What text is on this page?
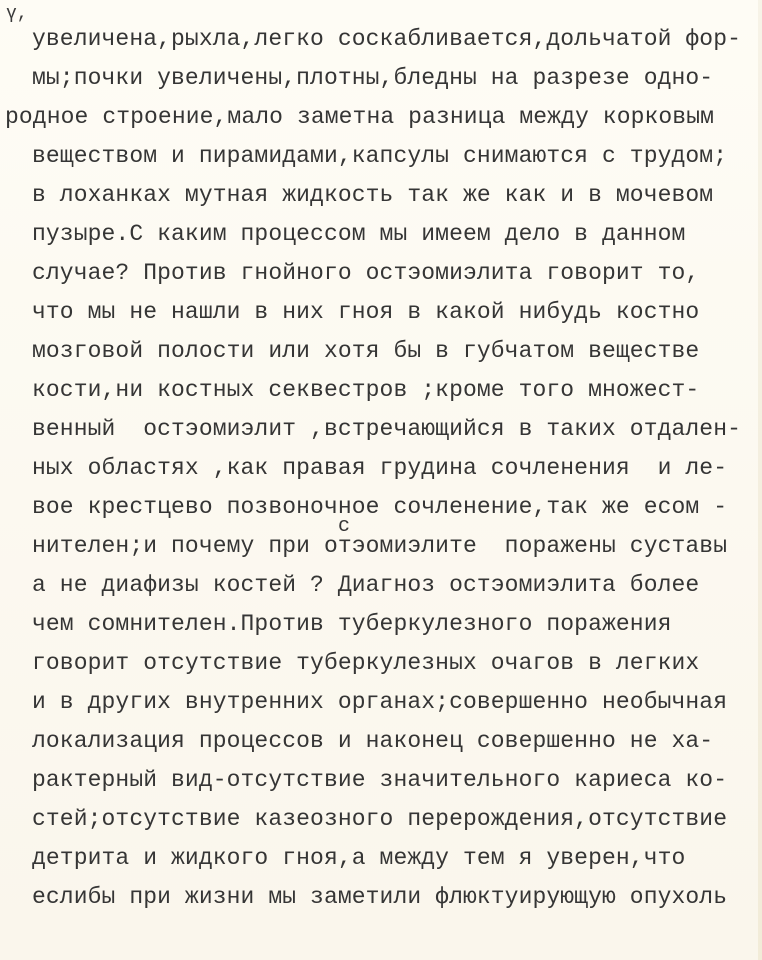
ү,
с
увеличена,рыхла,легко соскабливается,дольчатой фор-
мы;почки увеличены,плотны,бледны на разрезе одно-
родное строение,мало заметна разница между корковым
веществом и пирамидами,капсулы снимаются с трудом;
в лоханках мутная жидкость так же как и в мочевом
пузыре.С каким процессом мы имеем дело в данном
случае? Против гнойного остэомиэлита говорит то,
что мы не нашли в них гноя в какой нибудь костно
мозговой полости или хотя бы в губчатом веществе
кости,ни костных секвестров ;кроме того множест-
венный  остэомиэлит ,встречающийся в таких отдален-
ных областях ,как правая грудина сочленения  и ле-
вое крестцево позвоночное сочленение,так же есом -
нителен;и почему при отэомиэлите  поражены суставы
а не диафизы костей ? Диагноз остэомиэлита более
чем сомнителен.Против туберкулезного поражения
говорит отсутствие туберкулезных очагов в легких
и в других внутренних органах;совершенно необычная
локализация процессов и наконец совершенно не ха-
рактерный вид-отсутствие значительного кариеса ко-
стей;отсутствие казеозного перерождения,отсутствие
детрита и жидкого гноя,а между тем я уверен,что
еслибы при жизни мы заметили флюктуирующую опухоль
